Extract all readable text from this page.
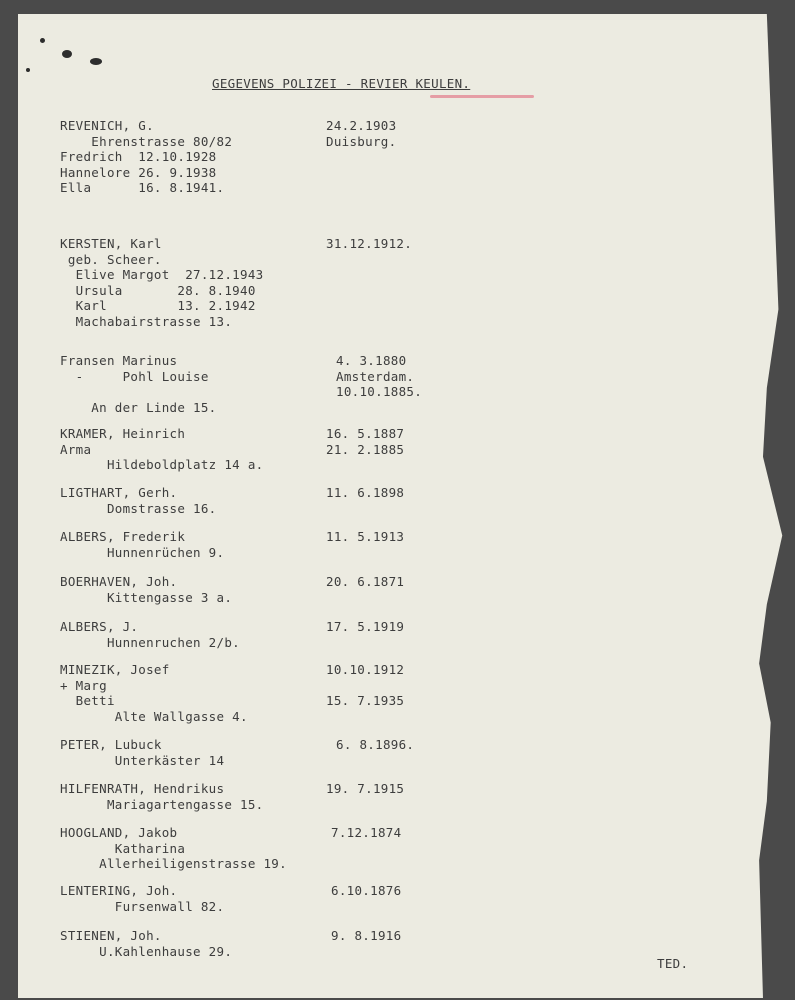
GEGEVENS POLIZEI - REVIER KEULEN.
REVENICH, G.
Ehrenstrasse 80/82
Fredrich  12.10.1928
Hannelore 26. 9.1938
Ella      16. 8.1941.
24.2.1903
Duisburg.
KERSTEN, Karl
geb. Scheer.
Elive Margot  27.12.1943
Ursula       28. 8.1940
Karl         13. 2.1942
Machabairstrasse 13.
31.12.1912.
Fransen Marinus
-     Pohl Louise
An der Linde 15.
4. 3.1880
Amsterdam.
10.10.1885.
KRAMER, Heinrich
Arma
Hildeboldplatz 14 a.
16. 5.1887
21. 2.1885
LIGTHART, Gerh.
Domstrasse 16.
11. 6.1898
ALBERS, Frederik
Hunnenrüchen 9.
11. 5.1913
BOERHAVEN, Joh.
Kittengasse 3 a.
20. 6.1871
ALBERS, J.
Hunnenruchen 2/b.
17. 5.1919
MINEZIK, Josef
+ Marg
Betti
Alte Wallgasse 4.
10.10.1912
15. 7.1935
PETER, Lubuck
Unterkäster 14
6. 8.1896.
HILFENRATH, Hendrikus
Mariagartengasse 15.
19. 7.1915
HOOGLAND, Jakob
Katharina
Allerheiligenstrasse 19.
7.12.1874
LENTERING, Joh.
Fursenwall 82.
6.10.1876
STIENEN, Joh.
U.Kahlenhause 29.
9. 8.1916
TED.
